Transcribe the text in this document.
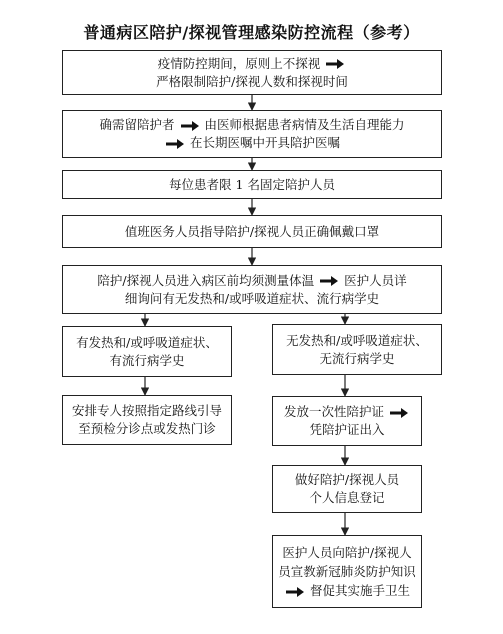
普通病区陪护/探视管理感染防控流程（参考）
疫情防控期间，原则上不探视
严格限制陪护/探视人数和探视时间
确需留陪护者 由医师根据患者病情及生活自理能力
在长期医嘱中开具陪护医嘱
每位患者限 1 名固定陪护人员
值班医务人员指导陪护/探视人员正确佩戴口罩
陪护/探视人员进入病区前均须测量体温 医护人员详
细询问有无发热和/或呼吸道症状、流行病学史
有发热和/或呼吸道症状、
有流行病学史
无发热和/或呼吸道症状、
无流行病学史
安排专人按照指定路线引导
至预检分诊点或发热门诊
发放一次性陪护证
凭陪护证出入
做好陪护/探视人员
个人信息登记
医护人员向陪护/探视人
员宣教新冠肺炎防护知识
督促其实施手卫生
